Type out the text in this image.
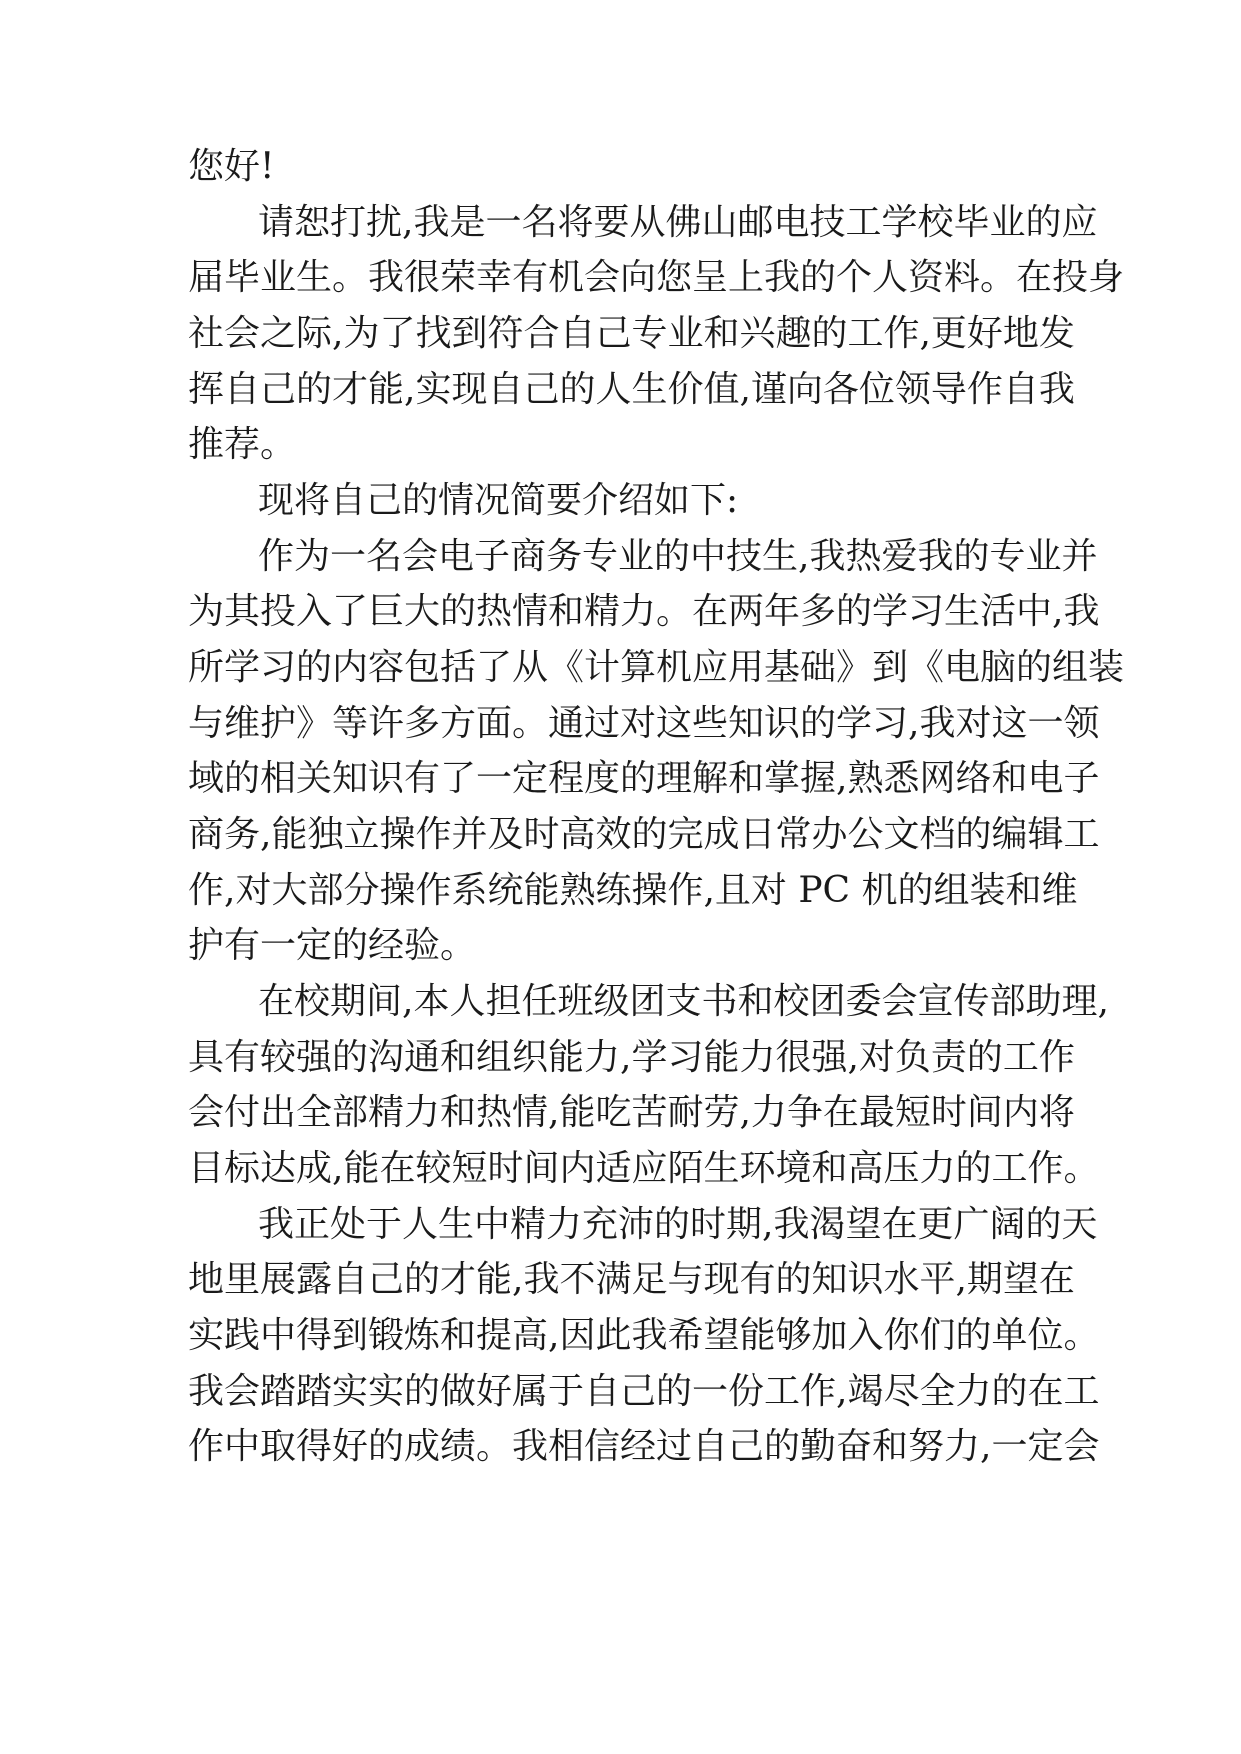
您好!
请恕打扰,我是一名将要从佛山邮电技工学校毕业的应
届毕业生。我很荣幸有机会向您呈上我的个人资料。在投身
社会之际,为了找到符合自己专业和兴趣的工作,更好地发
挥自己的才能,实现自己的人生价值,谨向各位领导作自我
推荐。
现将自己的情况简要介绍如下:
作为一名会电子商务专业的中技生,我热爱我的专业并
为其投入了巨大的热情和精力。在两年多的学习生活中,我
所学习的内容包括了从《计算机应用基础》到《电脑的组装
与维护》等许多方面。通过对这些知识的学习,我对这一领
域的相关知识有了一定程度的理解和掌握,熟悉网络和电子
商务,能独立操作并及时高效的完成日常办公文档的编辑工
作,对大部分操作系统能熟练操作,且对 PC 机的组装和维
护有一定的经验。
在校期间,本人担任班级团支书和校团委会宣传部助理,
具有较强的沟通和组织能力,学习能力很强,对负责的工作
会付出全部精力和热情,能吃苦耐劳,力争在最短时间内将
目标达成,能在较短时间内适应陌生环境和高压力的工作。
我正处于人生中精力充沛的时期,我渴望在更广阔的天
地里展露自己的才能,我不满足与现有的知识水平,期望在
实践中得到锻炼和提高,因此我希望能够加入你们的单位。
我会踏踏实实的做好属于自己的一份工作,竭尽全力的在工
作中取得好的成绩。我相信经过自己的勤奋和努力,一定会
